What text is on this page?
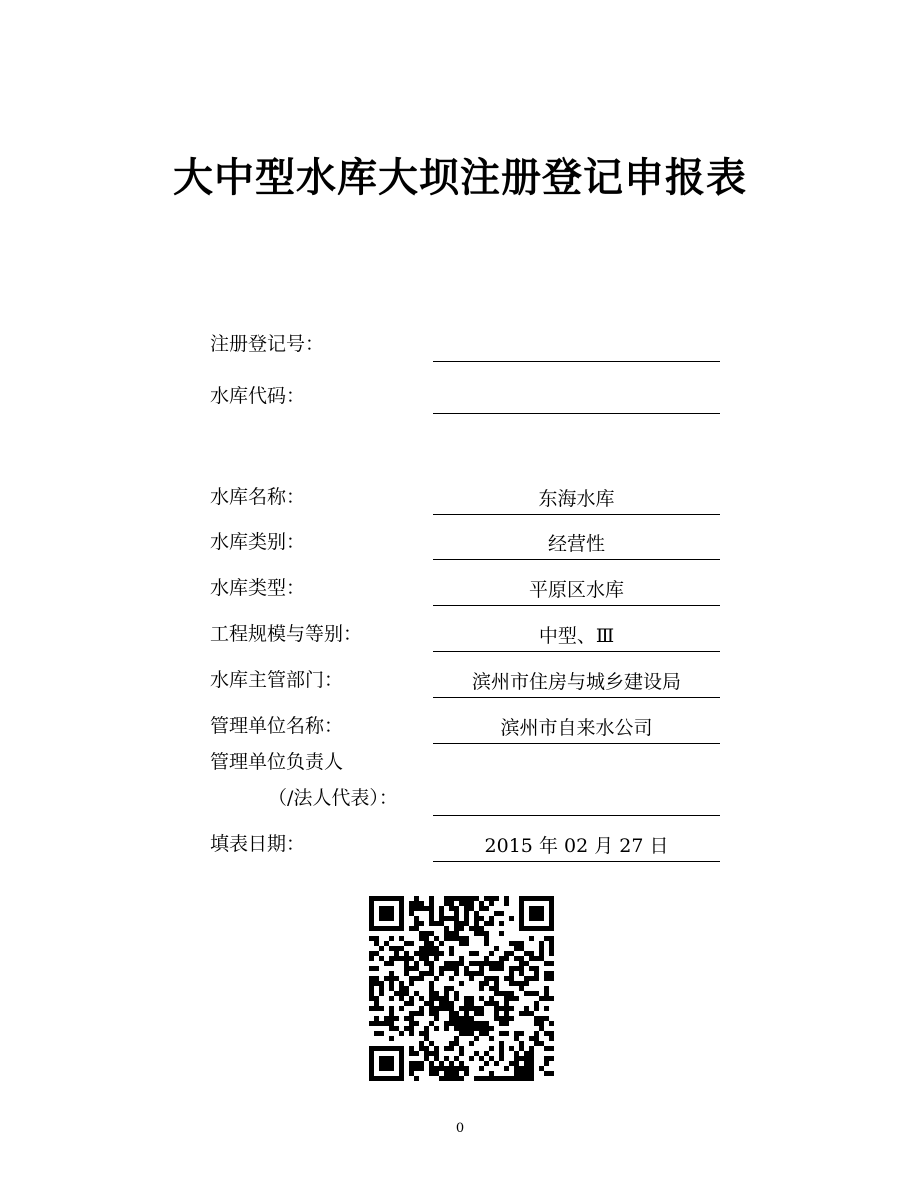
大中型水库大坝注册登记申报表
注册登记号：
水库代码：
水库名称：	东海水库
水库类别：	经营性
水库类型：	平原区水库
工程规模与等别：	中型、Ⅲ
水库主管部门：	滨州市住房与城乡建设局
管理单位名称：	滨州市自来水公司
管理单位负责人
（/法人代表）：
填表日期：	2015 年 02 月 27 日
0
